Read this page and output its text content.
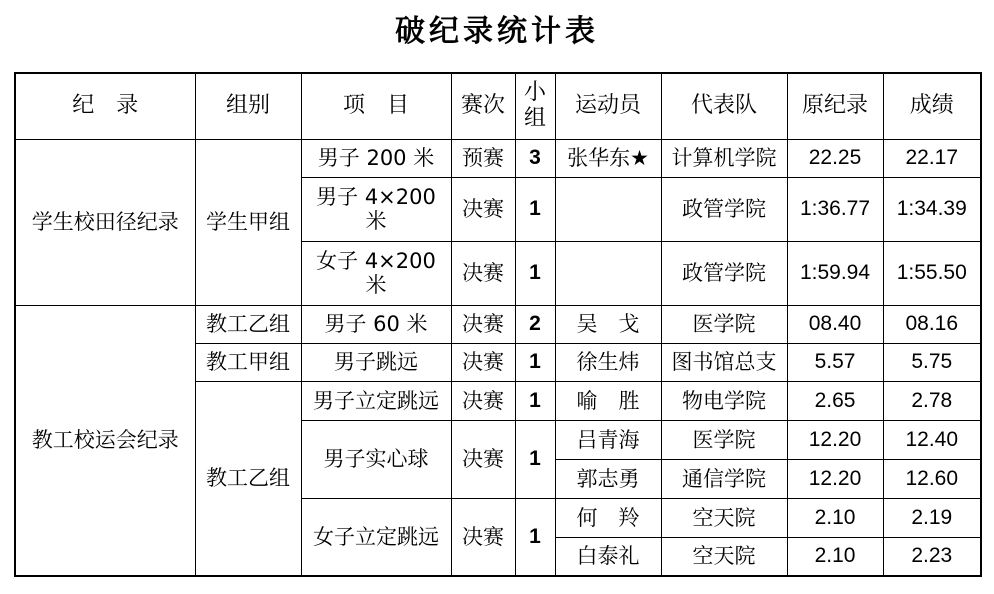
破纪录统计表
纪　录	组别	项　目	赛次	小组	运动员	代表队	原纪录	成绩
学生校田径纪录	学生甲组	男子 200 米	预赛	3	张华东★	计算机学院	22.25	22.17
		男子 4×200 米	决赛	1		政管学院	1:36.77	1:34.39
		女子 4×200 米	决赛	1		政管学院	1:59.94	1:55.50
教工校运会纪录	教工乙组	男子 60 米	决赛	2	吴　戈	医学院	08.40	08.16
	教工甲组	男子跳远	决赛	1	徐生炜	图书馆总支	5.57	5.75
	教工乙组	男子立定跳远	决赛	1	喻　胜	物电学院	2.65	2.78
		男子实心球	决赛	1	吕青海	医学院	12.20	12.40
					郭志勇	通信学院	12.20	12.60
		女子立定跳远	决赛	1	何　羚	空天院	2.10	2.19
					白泰礼	空天院	2.10	2.23
